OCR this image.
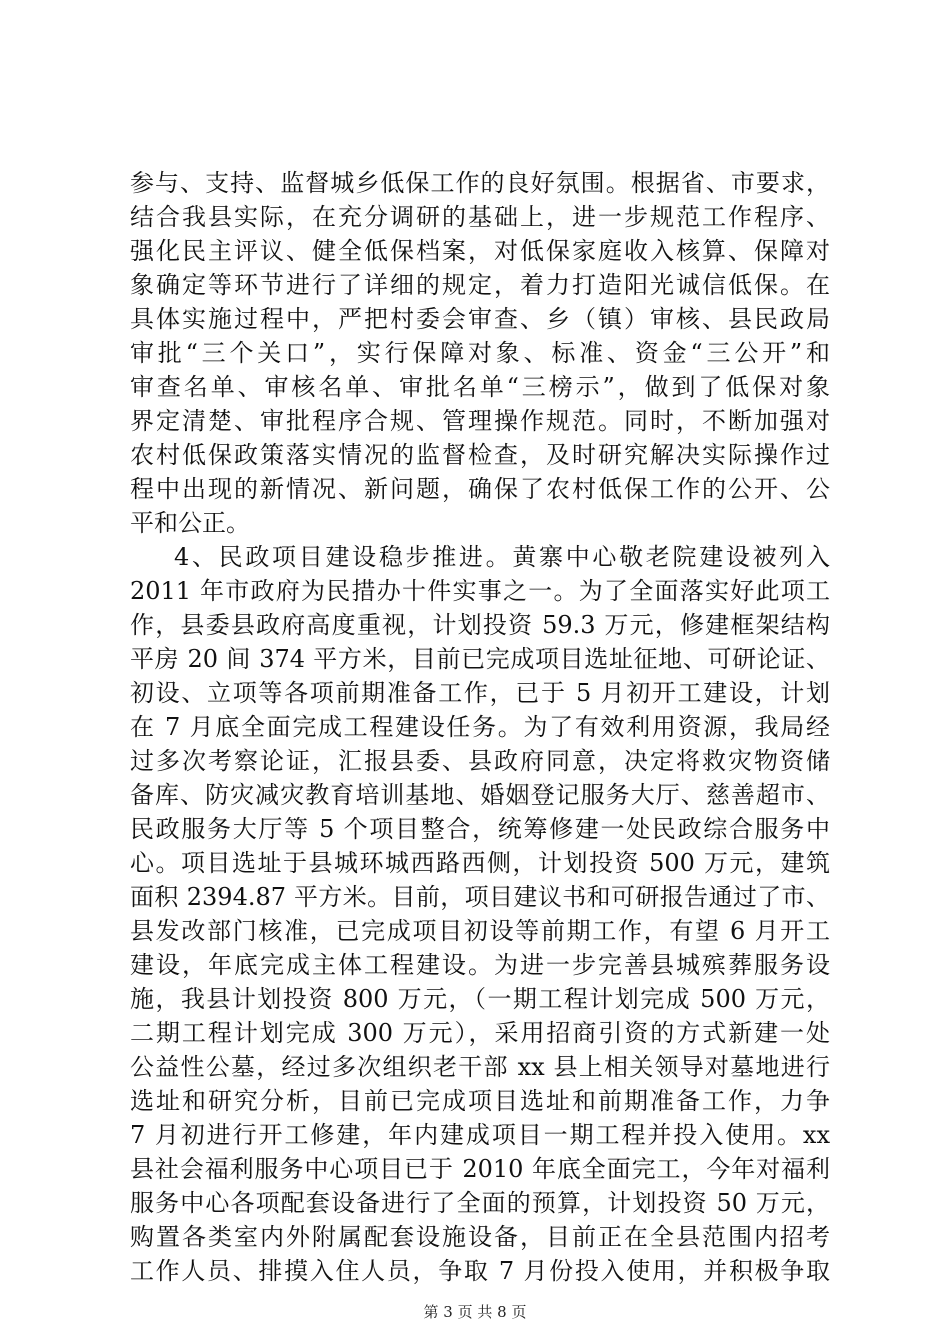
参与、支持、监督城乡低保工作的良好氛围。根据省、市要求，
结合我县实际，在充分调研的基础上，进一步规范工作程序、
强化民主评议、健全低保档案，对低保家庭收入核算、保障对
象确定等环节进行了详细的规定，着力打造阳光诚信低保。在
具体实施过程中，严把村委会审查、乡（镇）审核、县民政局
审批“三个关口”，实行保障对象、标准、资金“三公开”和
审查名单、审核名单、审批名单“三榜示”，做到了低保对象
界定清楚、审批程序合规、管理操作规范。同时，不断加强对
农村低保政策落实情况的监督检查，及时研究解决实际操作过
程中出现的新情况、新问题，确保了农村低保工作的公开、公
平和公正。
4、民政项目建设稳步推进。黄寨中心敬老院建设被列入
2011 年市政府为民措办十件实事之一。为了全面落实好此项工
作，县委县政府高度重视，计划投资 59.3 万元，修建框架结构
平房 20 间 374 平方米，目前已完成项目选址征地、可研论证、
初设、立项等各项前期准备工作，已于 5 月初开工建设，计划
在 7 月底全面完成工程建设任务。为了有效利用资源，我局经
过多次考察论证，汇报县委、县政府同意，决定将救灾物资储
备库、防灾减灾教育培训基地、婚姻登记服务大厅、慈善超市、
民政服务大厅等 5 个项目整合，统筹修建一处民政综合服务中
心。项目选址于县城环城西路西侧，计划投资 500 万元，建筑
面积 2394.87 平方米。目前，项目建议书和可研报告通过了市、
县发改部门核准，已完成项目初设等前期工作，有望 6 月开工
建设，年底完成主体工程建设。为进一步完善县城殡葬服务设
施，我县计划投资 800 万元，（一期工程计划完成 500 万元，
二期工程计划完成 300 万元），采用招商引资的方式新建一处
公益性公墓，经过多次组织老干部 xx 县上相关领导对墓地进行
选址和研究分析，目前已完成项目选址和前期准备工作，力争
7 月初进行开工修建，年内建成项目一期工程并投入使用。xx
县社会福利服务中心项目已于 2010 年底全面完工，今年对福利
服务中心各项配套设备进行了全面的预算，计划投资 50 万元，
购置各类室内外附属配套设施设备，目前正在全县范围内招考
工作人员、排摸入住人员，争取 7 月份投入使用，并积极争取
第 3 页 共 8 页
